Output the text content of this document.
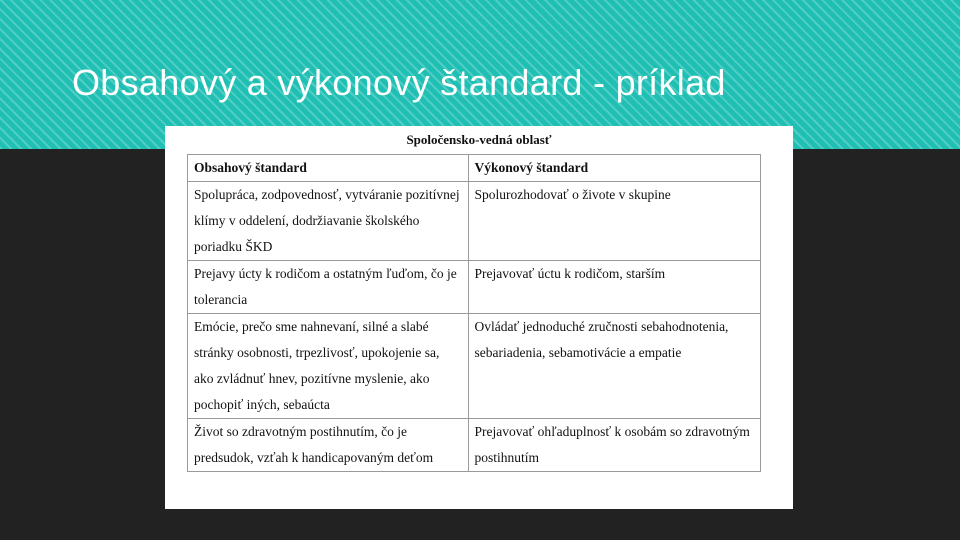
Obsahový a výkonový štandard - príklad
Spoločensko-vedná oblasť
Obsahový štandard	Výkonový štandard
Spolupráca, zodpovednosť, vytváranie pozitívnej klímy v oddelení, dodržiavanie školského poriadku ŠKD	Spolurozhodovať o živote v skupine
Prejavy úcty k rodičom a ostatným ľuďom, čo je tolerancia	Prejavovať úctu k rodičom, starším
Emócie, prečo sme nahnevaní, silné a slabé stránky osobnosti, trpezlivosť, upokojenie sa, ako zvládnuť hnev, pozitívne myslenie, ako pochopiť iných, sebaúcta	Ovládať jednoduché zručnosti sebahodnotenia, sebariadenia, sebamotivácie a empatie
Život so zdravotným postihnutím, čo je predsudok, vzťah k handicapovaným deťom	Prejavovať ohľaduplnosť k osobám so zdravotným postihnutím
